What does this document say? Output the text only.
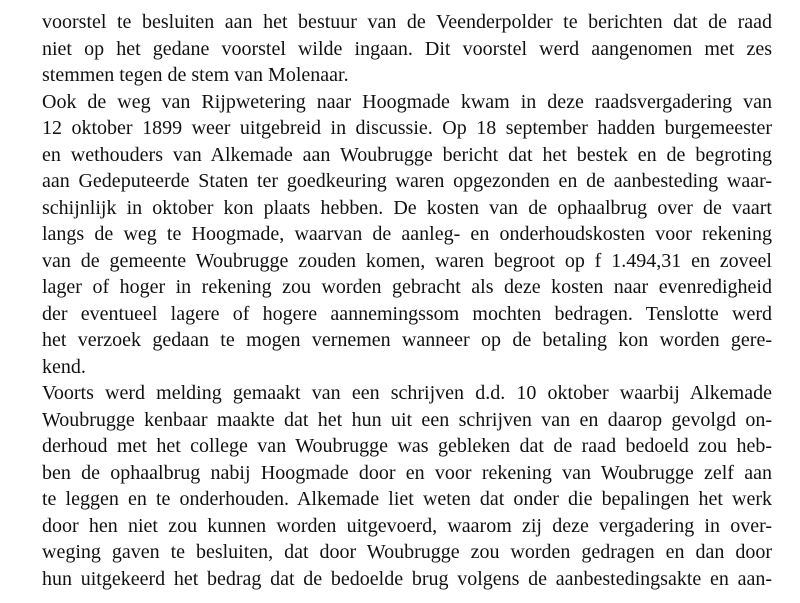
voorstel te besluiten aan het bestuur van de Veenderpolder te berichten dat de raad
niet op het gedane voorstel wilde ingaan. Dit voorstel werd aangenomen met zes
stemmen tegen de stem van Molenaar.
Ook de weg van Rijpwetering naar Hoogmade kwam in deze raadsvergadering van
12 oktober 1899 weer uitgebreid in discussie. Op 18 september hadden burgemeester
en wethouders van Alkemade aan Woubrugge bericht dat het bestek en de begroting
aan Gedeputeerde Staten ter goedkeuring waren opgezonden en de aanbesteding waar-
schijnlijk in oktober kon plaats hebben. De kosten van de ophaalbrug over de vaart
langs de weg te Hoogmade, waarvan de aanleg- en onderhoudskosten voor rekening
van de gemeente Woubrugge zouden komen, waren begroot op f 1.494,31 en zoveel
lager of hoger in rekening zou worden gebracht als deze kosten naar evenredigheid
der eventueel lagere of hogere aannemingssom mochten bedragen. Tenslotte werd
het verzoek gedaan te mogen vernemen wanneer op de betaling kon worden gere-
kend.
Voorts werd melding gemaakt van een schrijven d.d. 10 oktober waarbij Alkemade
Woubrugge kenbaar maakte dat het hun uit een schrijven van en daarop gevolgd on-
derhoud met het college van Woubrugge was gebleken dat de raad bedoeld zou heb-
ben de ophaalbrug nabij Hoogmade door en voor rekening van Woubrugge zelf aan
te leggen en te onderhouden. Alkemade liet weten dat onder die bepalingen het werk
door hen niet zou kunnen worden uitgevoerd, waarom zij deze vergadering in over-
weging gaven te besluiten, dat door Woubrugge zou worden gedragen en dan door
hun uitgekeerd het bedrag dat de bedoelde brug volgens de aanbestedingsakte en aan-
